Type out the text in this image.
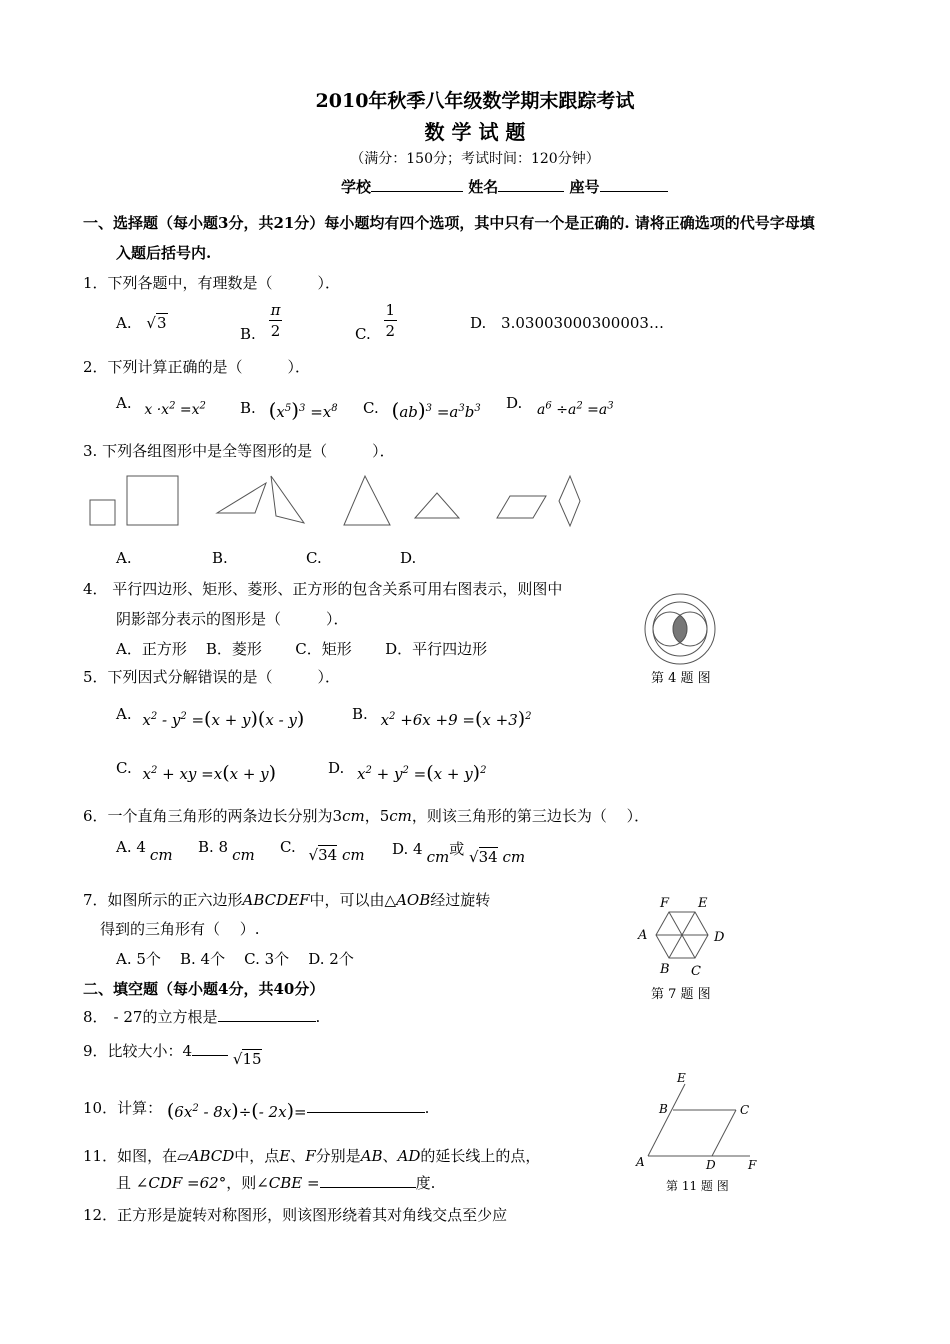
2010年秋季八年级数学期末跟踪考试
数 学 试 题
（满分：150分；考试时间：120分钟）
学校	姓名	座号
一、选择题（每小题3分，共21分）每小题均有四个选项，其中只有一个是正确的. 请将正确选项的代号字母填
入题后括号内.
1．下列各题中，有理数是（　　　）．
A. √3
B. $\frac{\pi}{2}$	C. $\frac{1}{2}$	D. 3.03003000300003…
2．下列计算正确的是（　　　）．
A. $x \cdot x^2 =x^2$ B. $(x^5)^3 =x^8$ C. $(ab)^3 =a^3b^3$ D. $a^6 \div a^2 =a^3$
3. 下列各组图形中是全等图形的是（　　　）．
A.	B.	C.	D.
4． 平行四边形、矩形、菱形、正方形的包含关系可用右图表示，则图中
阴影部分表示的图形是（　　　）．
A．正方形    B．菱形       C．矩形       D．平行四边形
第 4 题 图
5．下列因式分解错误的是（　　　）．
A. $x^2 - y^2 =(x + y)(x - y)$	B. $x^2 +6x +9 =(x +3)^2$
C. $x^2$ + xy =x(x + y)	D. $x^2 + y^2 =(x + y)^2$
6．一个直角三角形的两条边长分别为3cm，5cm，则该三角形的第三边长为（　 ）．
A. 4 cm B. 8 cm C. √34 cm D. 4 cm或 √34 cm
7．如图所示的正六边形ABCDEF中，可以由△AOB经过旋转
得到的三角形有（　 ）.
A. 5个    B. 4个    C. 3个    D. 2个
F E
A	D
B C
第 7 题 图
二、填空题（每小题4分，共40分）
8． - 27的立方根是	.
9．比较大小：4	√15
10．计算： $(6x^2 - 8x)\div(-$ 2x)=	.
11．如图，在▱ABCD中，点E、F分别是AB、AD的延长线上的点，
且 ∠CDF =62°，则∠CBE =	度.
E
B	C
A	D	F
第 11 题 图
12．正方形是旋转对称图形，则该图形绕着其对角线交点至少应
